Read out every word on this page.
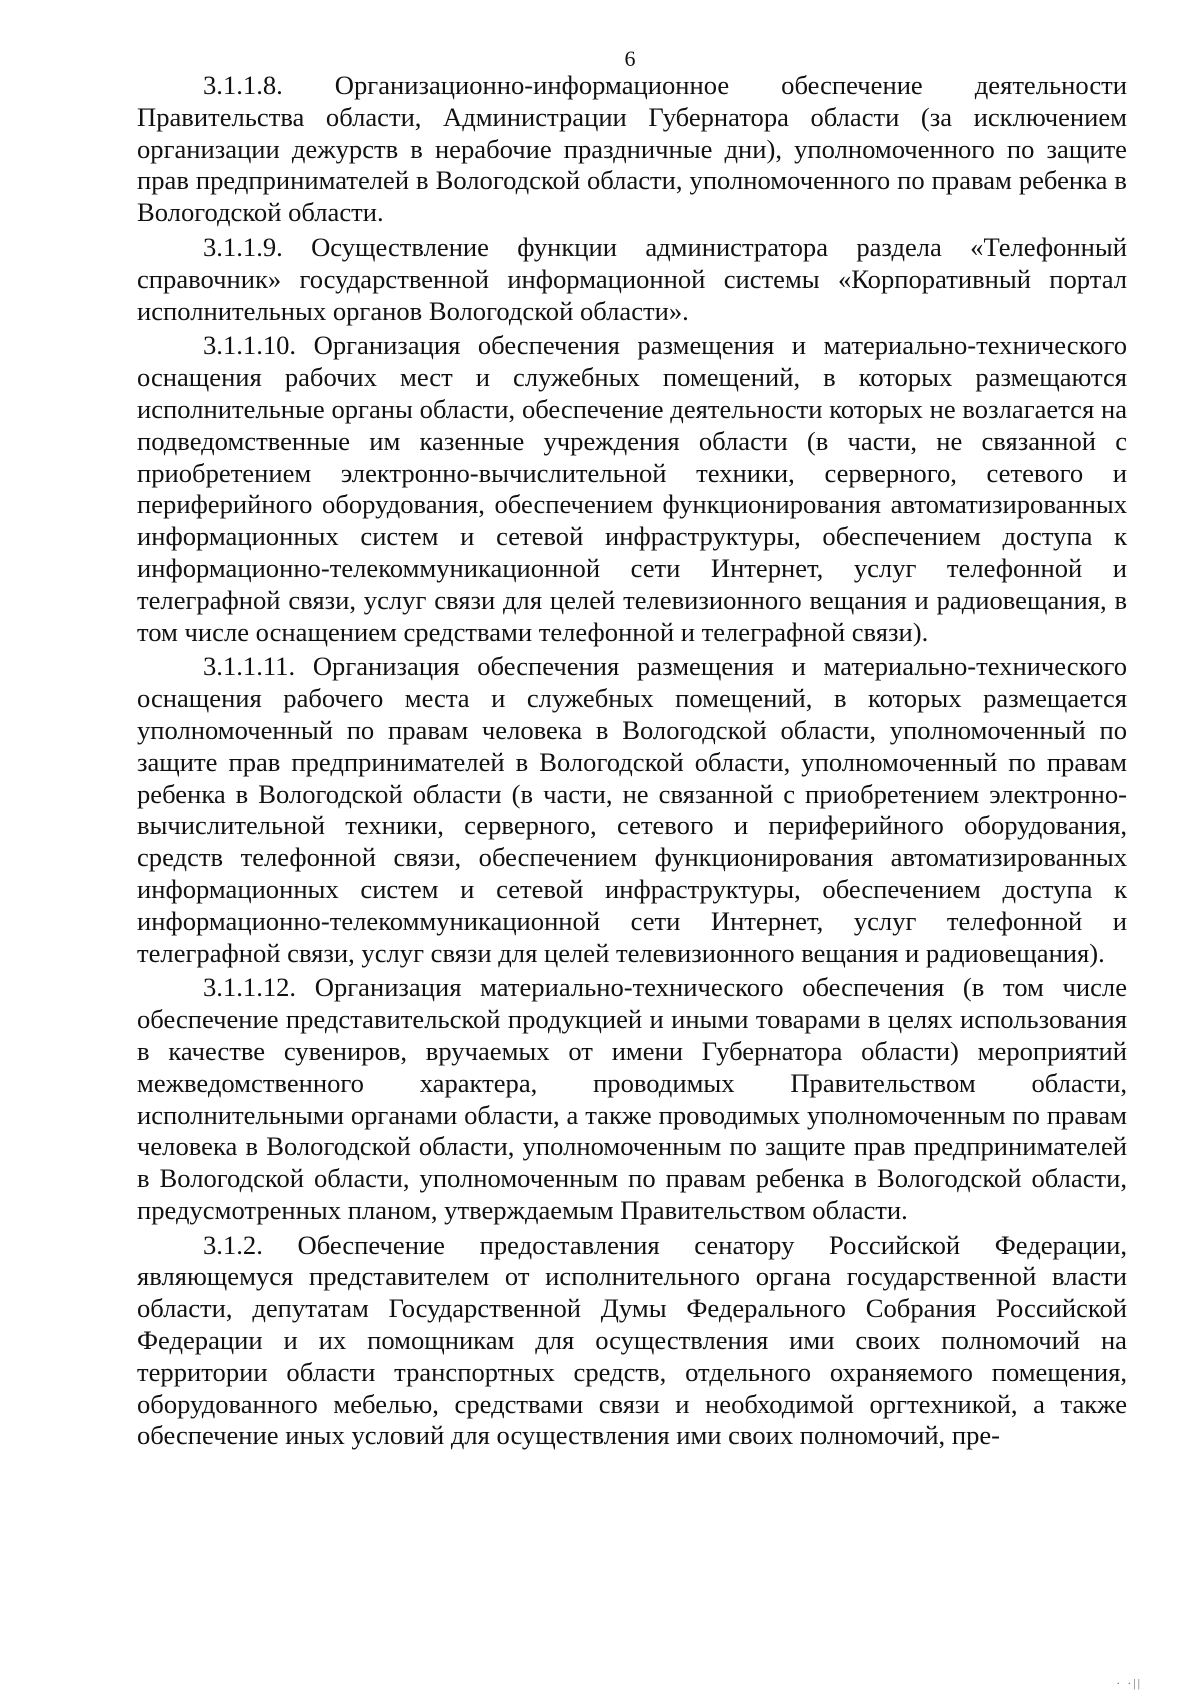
6

3.1.1.8. Организационно-информационное обеспечение деятельности Правительства области, Администрации Губернатора области (за исключением организации дежурств в нерабочие праздничные дни), уполномоченного по защите прав предпринимателей в Вологодской области, уполномоченного по правам ребенка в Вологодской области.

3.1.1.9. Осуществление функции администратора раздела «Телефонный справочник» государственной информационной системы «Корпоративный портал исполнительных органов Вологодской области».

3.1.1.10. Организация обеспечения размещения и материально-технического оснащения рабочих мест и служебных помещений, в которых размещаются исполнительные органы области, обеспечение деятельности которых не возлагается на подведомственные им казенные учреждения области (в части, не связанной с приобретением электронно-вычислительной техники, серверного, сетевого и периферийного оборудования, обеспечением функционирования автоматизированных информационных систем и сетевой инфраструктуры, обеспечением доступа к информационно-телекоммуникационной сети Интернет, услуг телефонной и телеграфной связи, услуг связи для целей телевизионного вещания и радиовещания, в том числе оснащением средствами телефонной и телеграфной связи).

3.1.1.11. Организация обеспечения размещения и материально-технического оснащения рабочего места и служебных помещений, в которых размещается уполномоченный по правам человека в Вологодской области, уполномоченный по защите прав предпринимателей в Вологодской области, уполномоченный по правам ребенка в Вологодской области (в части, не связанной с приобретением электронно-вычислительной техники, серверного, сетевого и периферийного оборудования, средств телефонной связи, обеспечением функционирования автоматизированных информационных систем и сетевой инфраструктуры, обеспечением доступа к информационно-телекоммуникационной сети Интернет, услуг телефонной и телеграфной связи, услуг связи для целей телевизионного вещания и радиовещания).

3.1.1.12. Организация материально-технического обеспечения (в том числе обеспечение представительской продукцией и иными товарами в целях использования в качестве сувениров, вручаемых от имени Губернатора области) мероприятий межведомственного характера, проводимых Правительством области, исполнительными органами области, а также проводимых уполномоченным по правам человека в Вологодской области, уполномоченным по защите прав предпринимателей в Вологодской области, уполномоченным по правам ребенка в Вологодской области, предусмотренных планом, утверждаемым Правительством области.

3.1.2. Обеспечение предоставления сенатору Российской Федерации, являющемуся представителем от исполнительного органа государственной власти области, депутатам Государственной Думы Федерального Собрания Российской Федерации и их помощникам для осуществления ими своих полномочий на территории области транспортных средств, отдельного охраняемого помещения, оборудованного мебелью, средствами связи и необходимой оргтехникой, а также обеспечение иных условий для осуществления ими своих полномочий, пре-

· ·||
